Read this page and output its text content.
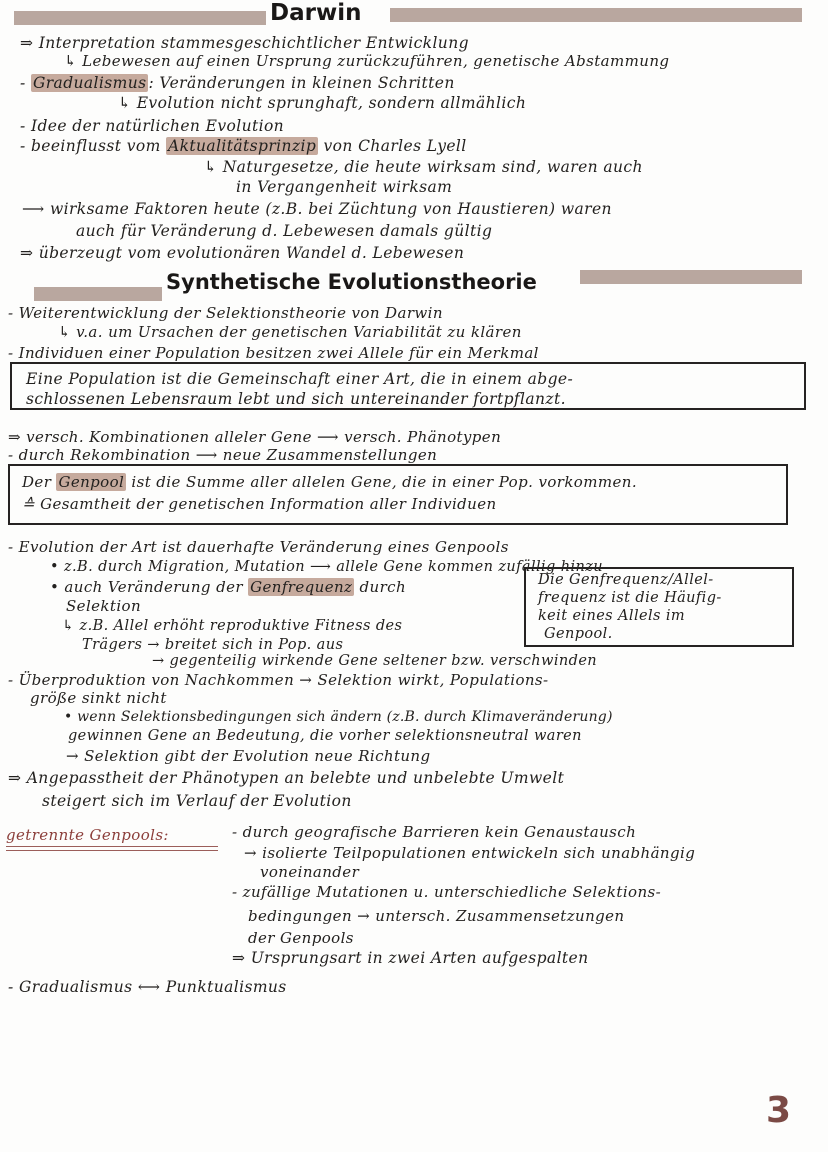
Darwin
⇒ Interpretation stammesgeschichtlicher Entwicklung
↳ Lebewesen auf einen Ursprung zurückzuführen, genetische Abstammung
- Gradualismus : Veränderungen in kleinen Schritten
↳ Evolution nicht sprunghaft, sondern allmählich
- Idee der natürlichen Evolution
- beeinflusst vom Aktualitätsprinzip von Charles Lyell
↳ Naturgesetze, die heute wirksam sind, waren auch
in Vergangenheit wirksam
⟶ wirksame Faktoren heute (z.B. bei Züchtung von Haustieren) waren
auch für Veränderung d. Lebewesen damals gültig
⇒ überzeugt vom evolutionären Wandel d. Lebewesen
Synthetische Evolutionstheorie
- Weiterentwicklung der Selektionstheorie von Darwin
↳ v.a. um Ursachen der genetischen Variabilität zu klären
- Individuen einer Population besitzen zwei Allele für ein Merkmal
Eine Population ist die Gemeinschaft einer Art, die in einem abge-
schlossenen Lebensraum lebt und sich untereinander fortpflanzt.
⇒ versch. Kombinationen alleler Gene ⟶ versch. Phänotypen
- durch Rekombination ⟶ neue Zusammenstellungen
Der Genpool ist die Summe aller allelen Gene, die in einer Pop. vorkommen.
≙ Gesamtheit der genetischen Information aller Individuen
- Evolution der Art ist dauerhafte Veränderung eines Genpools
• z.B. durch Migration, Mutation ⟶ allele Gene kommen zufällig hinzu
• auch Veränderung der Genfrequenz durch
Selektion
↳ z.B. Allel erhöht reproduktive Fitness des
Trägers → breitet sich in Pop. aus
Die Genfrequenz/Allel-
frequenz ist die Häufig-
keit eines Allels im
Genpool.
→ gegenteilig wirkende Gene seltener bzw. verschwinden
- Überproduktion von Nachkommen → Selektion wirkt, Populations-
größe sinkt nicht
• wenn Selektionsbedingungen sich ändern (z.B. durch Klimaveränderung)
gewinnen Gene an Bedeutung, die vorher selektionsneutral waren
→ Selektion gibt der Evolution neue Richtung
⇒ Angepasstheit der Phänotypen an belebte und unbelebte Umwelt
steigert sich im Verlauf der Evolution
getrennte Genpools:	- durch geografische Barrieren kein Genaustausch
→ isolierte Teilpopulationen entwickeln sich unabhängig
voneinander
- zufällige Mutationen u. unterschiedliche Selektions-
bedingungen → untersch. Zusammensetzungen
der Genpools
⇒ Ursprungsart in zwei Arten aufgespalten
- Gradualismus ⟷ Punktualismus
3
